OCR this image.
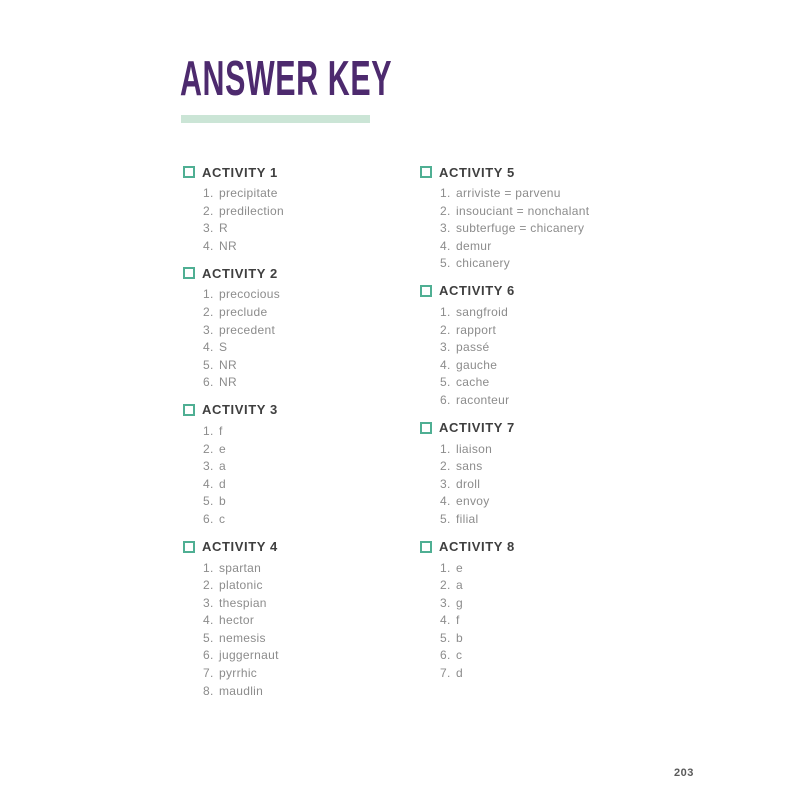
ANSWER KEY
ACTIVITY 1
1. precipitate
2. predilection
3. R
4. NR
ACTIVITY 2
1. precocious
2. preclude
3. precedent
4. S
5. NR
6. NR
ACTIVITY 3
1. f
2. e
3. a
4. d
5. b
6. c
ACTIVITY 4
1. spartan
2. platonic
3. thespian
4. hector
5. nemesis
6. juggernaut
7. pyrrhic
8. maudlin
ACTIVITY 5
1. arriviste = parvenu
2. insouciant = nonchalant
3. subterfuge = chicanery
4. demur
5. chicanery
ACTIVITY 6
1. sangfroid
2. rapport
3. passé
4. gauche
5. cache
6. raconteur
ACTIVITY 7
1. liaison
2. sans
3. droll
4. envoy
5. filial
ACTIVITY 8
1. e
2. a
3. g
4. f
5. b
6. c
7. d
203
